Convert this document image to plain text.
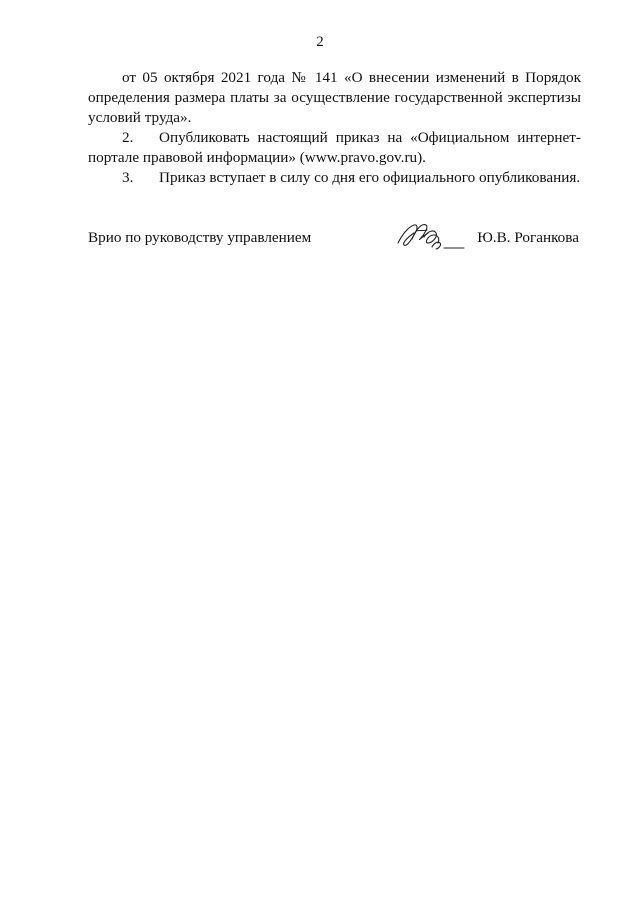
2

от 05 октября 2021 года № 141 «О внесении изменений в Порядок определения размера платы за осуществление государственной экспертизы условий труда».

2. Опубликовать настоящий приказ на «Официальном интернет-портале правовой информации» (www.pravo.gov.ru).

3. Приказ вступает в силу со дня его официального опубликования.

Врио по руководству управлением	Ю.В. Роганкова
